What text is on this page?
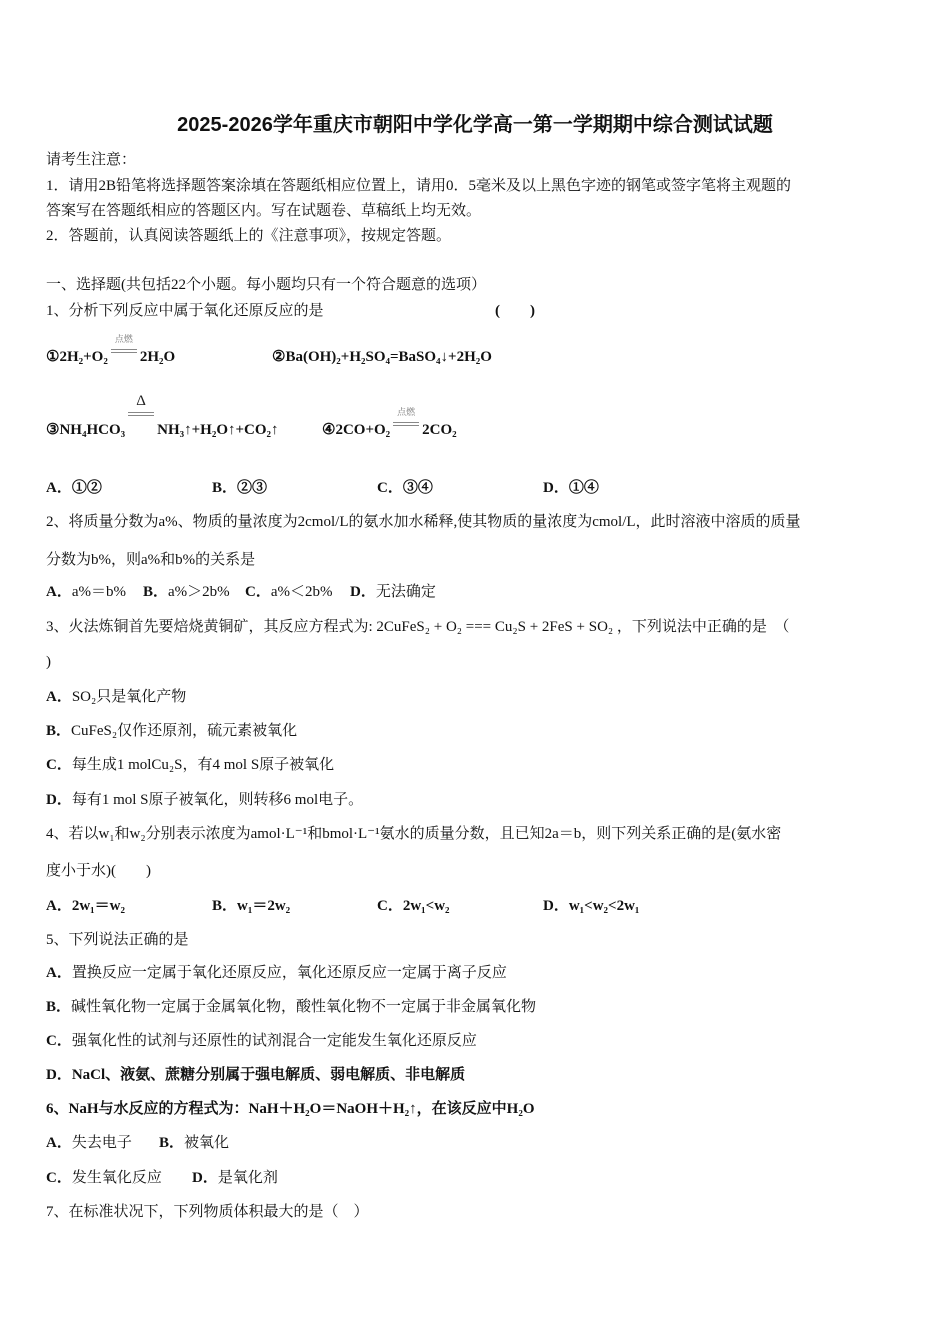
2025-2026学年重庆市朝阳中学化学高一第一学期期中综合测试试题
请考生注意：
1．请用2B铅笔将选择题答案涂填在答题纸相应位置上，请用0．5毫米及以上黑色字迹的钢笔或签字笔将主观题的
答案写在答题纸相应的答题区内。写在试题卷、草稿纸上均无效。
2．答题前，认真阅读答题纸上的《注意事项》，按规定答题。
一、选择题(共包括22个小题。每小题均只有一个符合题意的选项）
1、分析下列反应中属于氧化还原反应的是	(　　)
①2H₂+O₂
点燃
2H₂O	②Ba(OH)₂+H₂SO₄=BaSO₄↓+2H₂O
③NH₄HCO₃
Δ
NH₃↑+H₂O↑+CO₂↑	④2CO+O₂
点燃
2CO₂
A．①②	B．②③	C．③④	D．①④
2、将质量分数为a%、物质的量浓度为2cmol/L的氨水加水稀释,使其物质的量浓度为cmol/L，此时溶液中溶质的质量
分数为b%，则a%和b%的关系是
A．a%＝b% B．a%＞2b% C．a%＜2b% D．无法确定
3、火法炼铜首先要焙烧黄铜矿，其反应方程式为: 2CuFeS₂ + O₂ === Cu₂S + 2FeS + SO₂ ，下列说法中正确的是　（
)
A．SO₂只是氧化产物
B．CuFeS₂仅作还原剂，硫元素被氧化
C．每生成1 molCu₂S，有4 mol S原子被氧化
D．每有1 mol S原子被氧化，则转移6 mol电子。
4、若以w₁和w₂分别表示浓度为amol·L⁻¹和bmol·L⁻¹氨水的质量分数，且已知2a＝b，则下列关系正确的是(氨水密
度小于水)(　　)
A．2w₁＝w₂	B．w₁＝2w₂	C．2w₁<w₂	D．w₁<w₂<2w₁
5、下列说法正确的是
A．置换反应一定属于氧化还原反应，氧化还原反应一定属于离子反应
B．碱性氧化物一定属于金属氧化物，酸性氧化物不一定属于非金属氧化物
C．强氧化性的试剂与还原性的试剂混合一定能发生氧化还原反应
D．NaCl、液氨、蔗糖分别属于强电解质、弱电解质、非电解质
6、NaH与水反应的方程式为：NaH＋H₂O＝NaOH＋H₂↑，在该反应中H₂O
A．失去电子 B．被氧化
C．发生氧化反应 D．是氧化剂
7、在标准状况下，下列物质体积最大的是（　）
